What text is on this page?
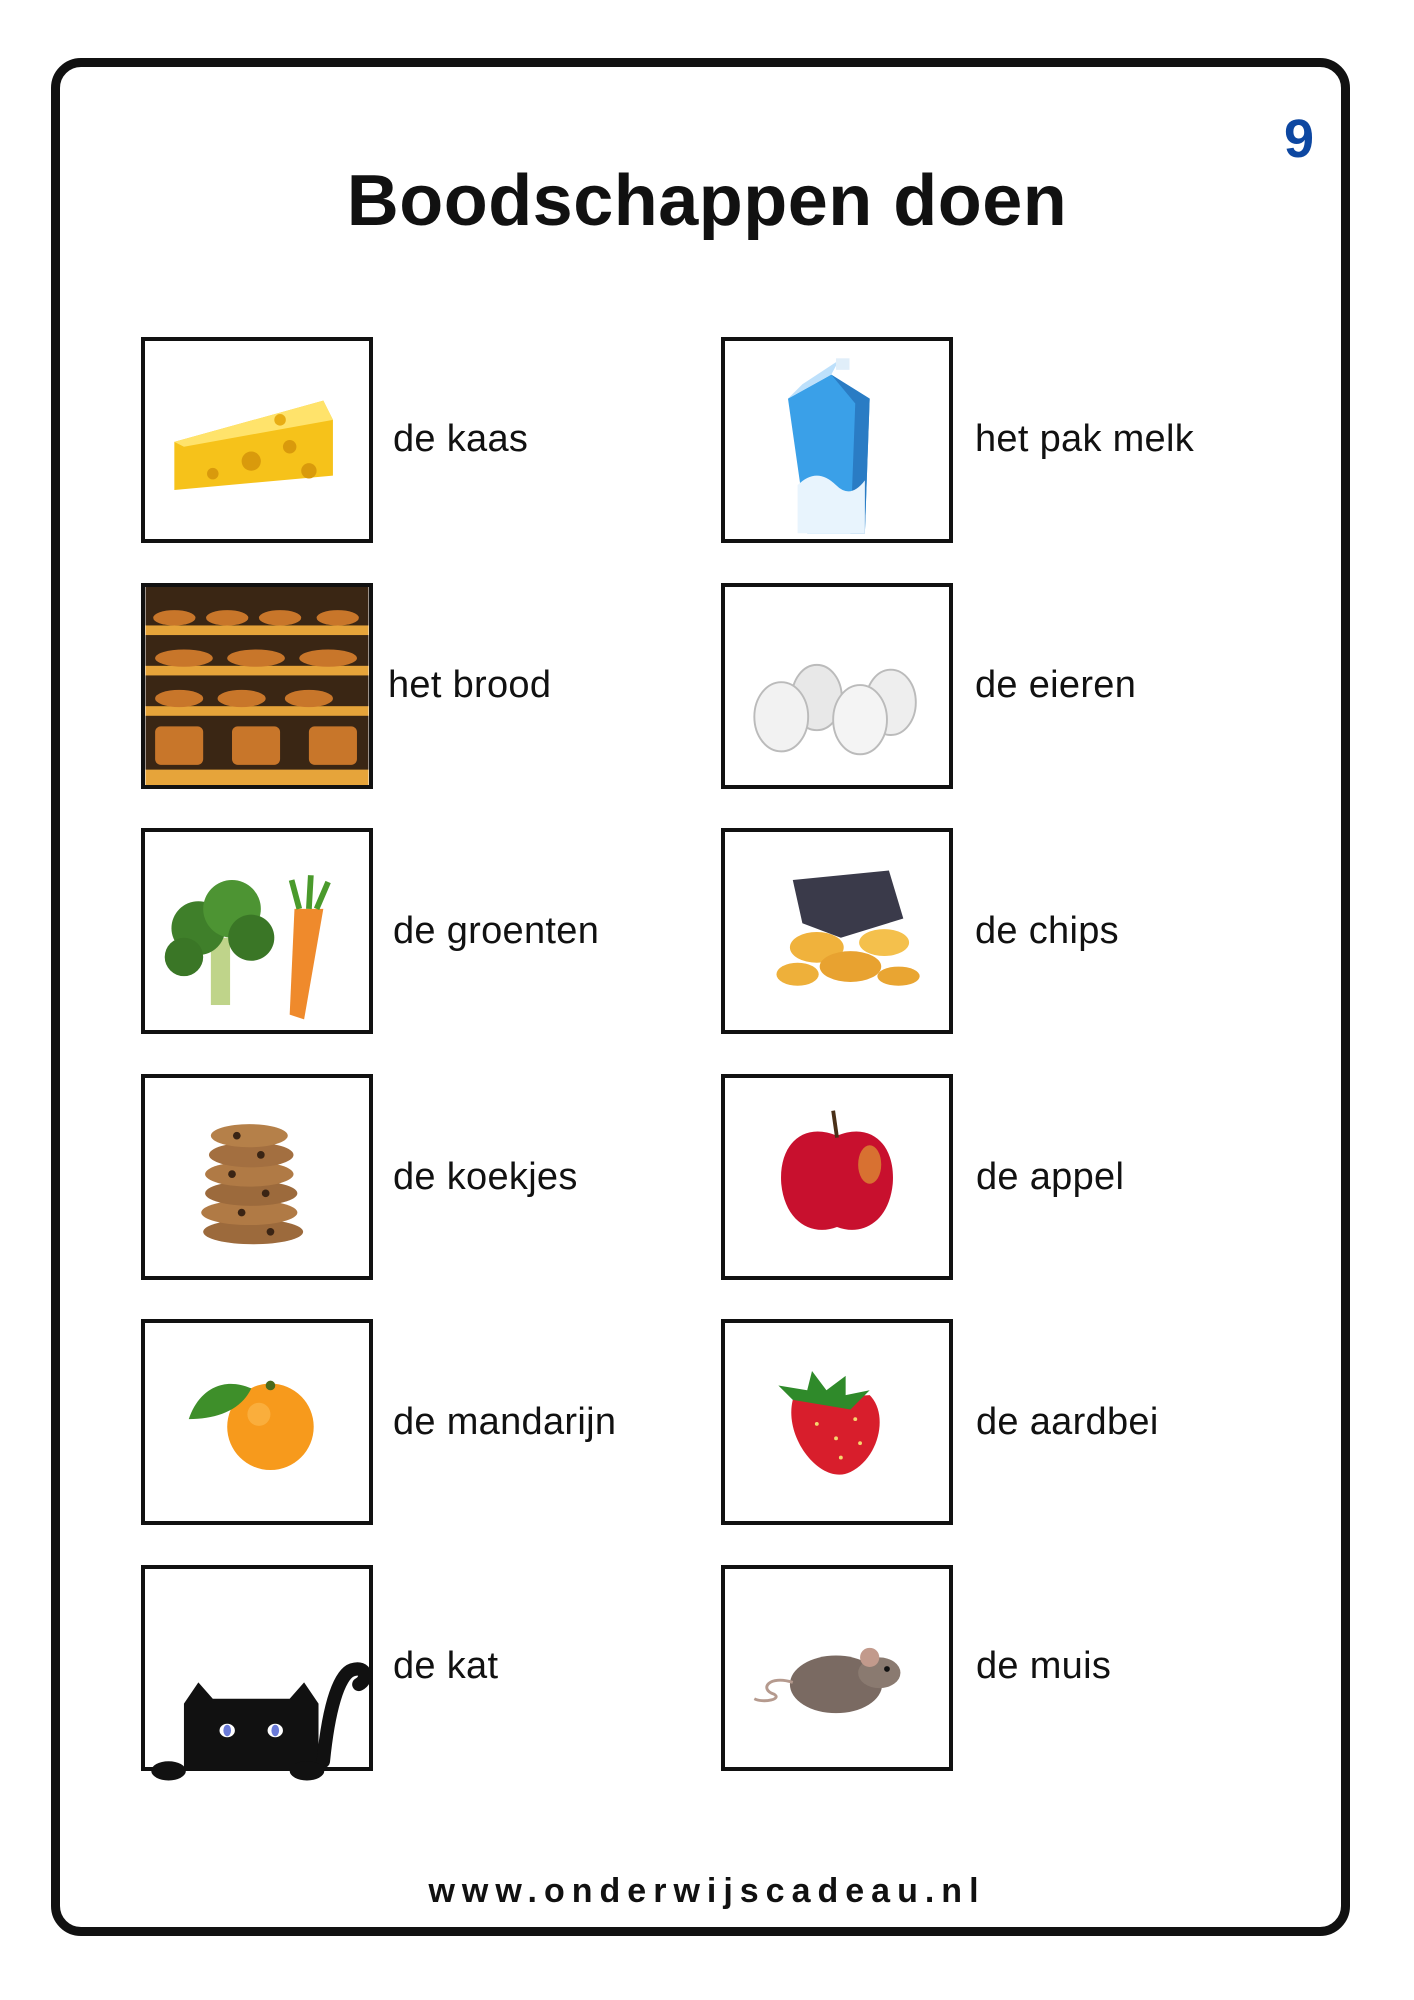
9
Boodschappen doen
de kaas	het pak melk
het brood	de eieren
de groenten	de chips
de koekjes	de appel
de mandarijn	de aardbei
de kat	de muis
www.onderwijscadeau.nl
